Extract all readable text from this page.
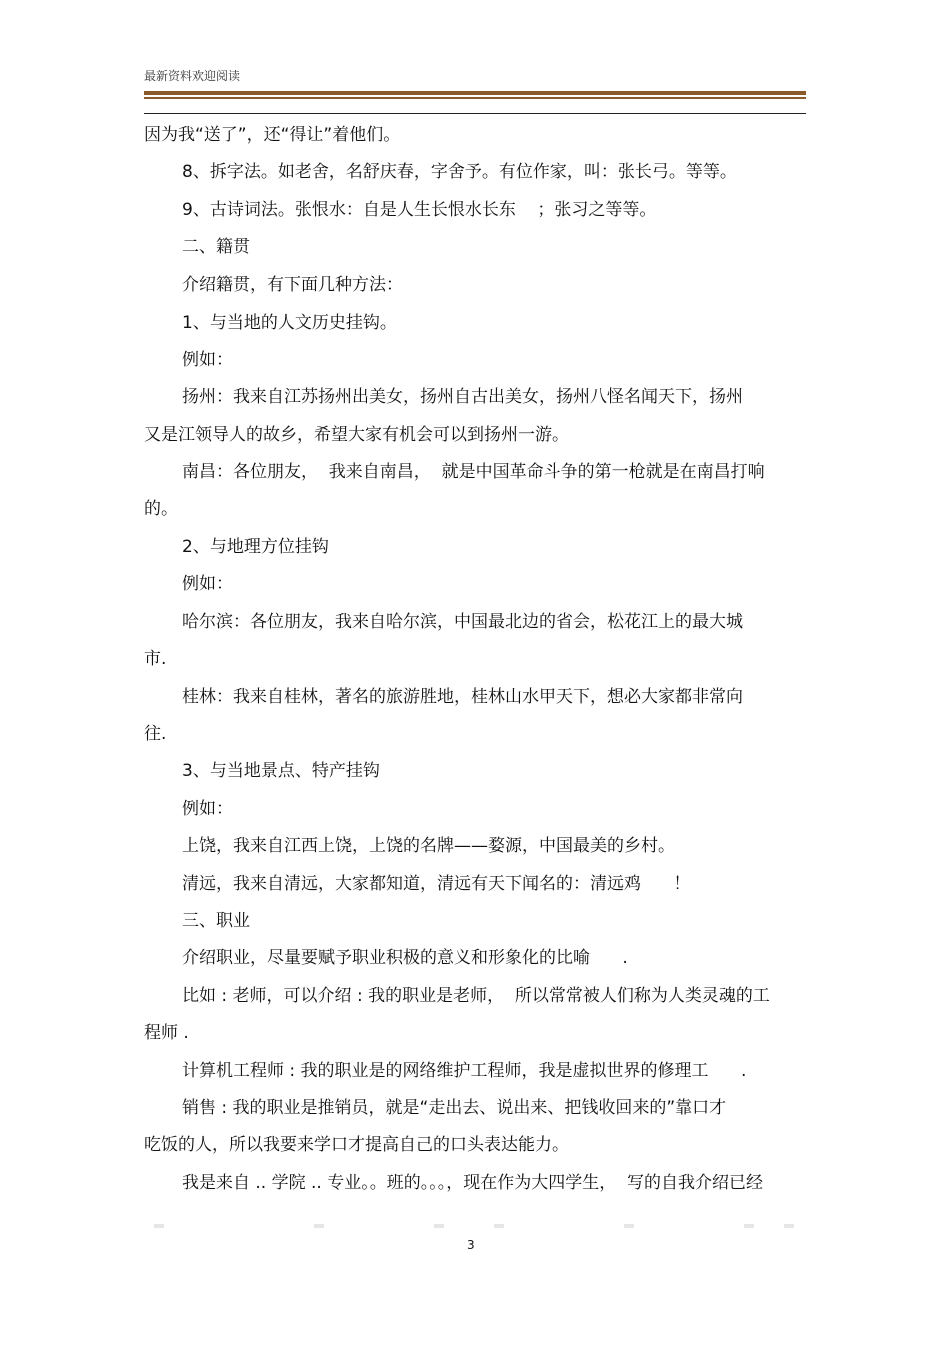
最新资料欢迎阅读
因为我“送了”，还“得让”着他们。
8、拆字法。如老舍，名舒庆春，字舍予。有位作家，叫：张长弓。等等。
9、古诗词法。张恨水：自是人生长恨水长东    ；张习之等等。
二、籍贯
介绍籍贯，有下面几种方法：
1、与当地的人文历史挂钩。
例如：
扬州：我来自江苏扬州出美女，扬州自古出美女，扬州八怪名闻天下，扬州
又是江领导人的故乡，希望大家有机会可以到扬州一游。
南昌：各位朋友，  我来自南昌，  就是中国革命斗争的第一枪就是在南昌打响
的。
2、与地理方位挂钩
例如：
哈尔滨：各位朋友，我来自哈尔滨，中国最北边的省会，松花江上的最大城
市.
桂林：我来自桂林，著名的旅游胜地，桂林山水甲天下，想必大家都非常向
往.
3、与当地景点、特产挂钩
例如：
上饶，我来自江西上饶，上饶的名牌——婺源，中国最美的乡村。
清远，我来自清远，大家都知道，清远有天下闻名的：清远鸡      ！
三、职业
介绍职业，尽量要赋予职业积极的意义和形象化的比喻      .
比如 : 老师，可以介绍 : 我的职业是老师，  所以常常被人们称为人类灵魂的工
程师 .
计算机工程师 : 我的职业是的网络维护工程师，我是虚拟世界的修理工      .
销售 : 我的职业是推销员，就是“走出去、说出来、把钱收回来的”靠口才
吃饭的人，所以我要来学口才提高自己的口头表达能力。
我是来自 .. 学院 .. 专业。。班的。。。，现在作为大四学生，  写的自我介绍已经
3
